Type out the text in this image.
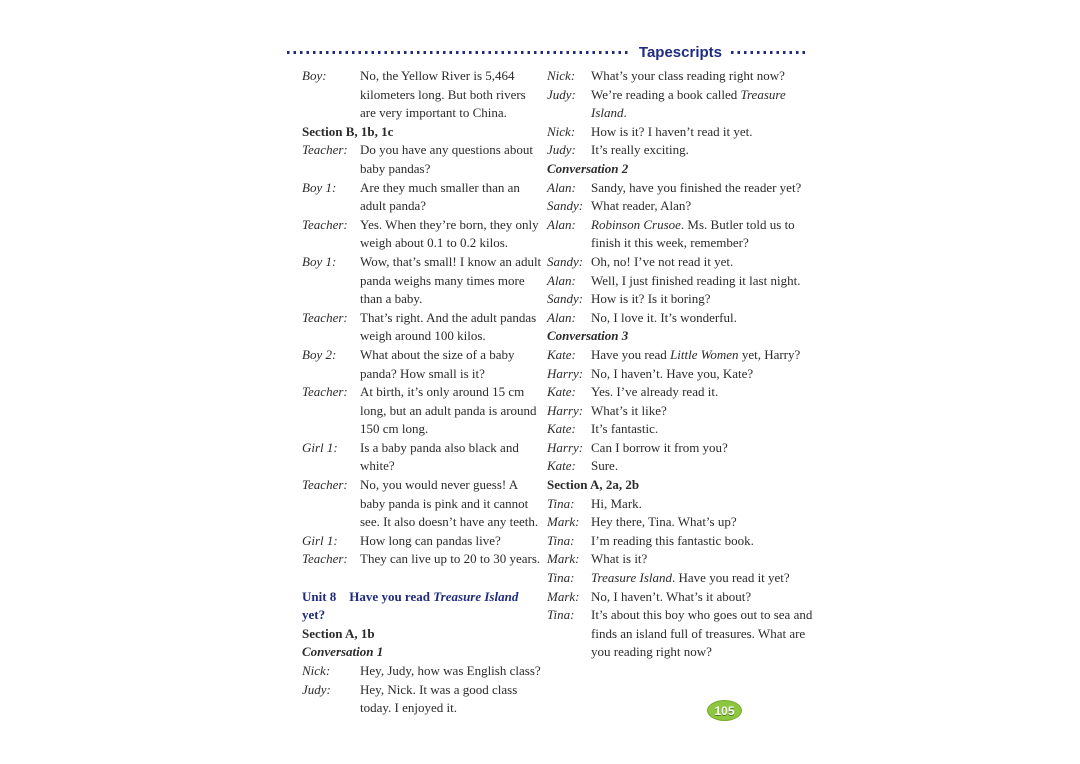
Tapescripts
Boy:	No, the Yellow River is 5,464 kilometers long. But both rivers are very important to China.
Section B, 1b, 1c
Teacher: Do you have any questions about baby pandas?
Boy 1: Are they much smaller than an adult panda?
Teacher: Yes. When they’re born, they only weigh about 0.1 to 0.2 kilos.
Boy 1: Wow, that’s small! I know an adult panda weighs many times more than a baby.
Teacher: That’s right. And the adult pandas weigh around 100 kilos.
Boy 2: What about the size of a baby panda? How small is it?
Teacher: At birth, it’s only around 15 cm long, but an adult panda is around 150 cm long.
Girl 1: Is a baby panda also black and white?
Teacher: No, you would never guess! A baby panda is pink and it cannot see. It also doesn’t have any teeth.
Girl 1: How long can pandas live?
Teacher: They can live up to 20 to 30 years.
Unit 8 Have you read Treasure Island yet?
Section A, 1b
Conversation 1
Nick: Hey, Judy, how was English class?
Judy: Hey, Nick. It was a good class today. I enjoyed it.
Nick: What’s your class reading right now?
Judy: We’re reading a book called Treasure Island.
Nick: How is it? I haven’t read it yet.
Judy: It’s really exciting.
Conversation 2
Alan: Sandy, have you finished the reader yet?
Sandy: What reader, Alan?
Alan: Robinson Crusoe. Ms. Butler told us to finish it this week, remember?
Sandy: Oh, no! I’ve not read it yet.
Alan: Well, I just finished reading it last night.
Sandy: How is it? Is it boring?
Alan: No, I love it. It’s wonderful.
Conversation 3
Kate: Have you read Little Women yet, Harry?
Harry: No, I haven’t. Have you, Kate?
Kate: Yes. I’ve already read it.
Harry: What’s it like?
Kate: It’s fantastic.
Harry: Can I borrow it from you?
Kate: Sure.
Section A, 2a, 2b
Tina: Hi, Mark.
Mark: Hey there, Tina. What’s up?
Tina: I’m reading this fantastic book.
Mark: What is it?
Tina: Treasure Island. Have you read it yet?
Mark: No, I haven’t. What’s it about?
Tina: It’s about this boy who goes out to sea and finds an island full of treasures. What are you reading right now?
105
